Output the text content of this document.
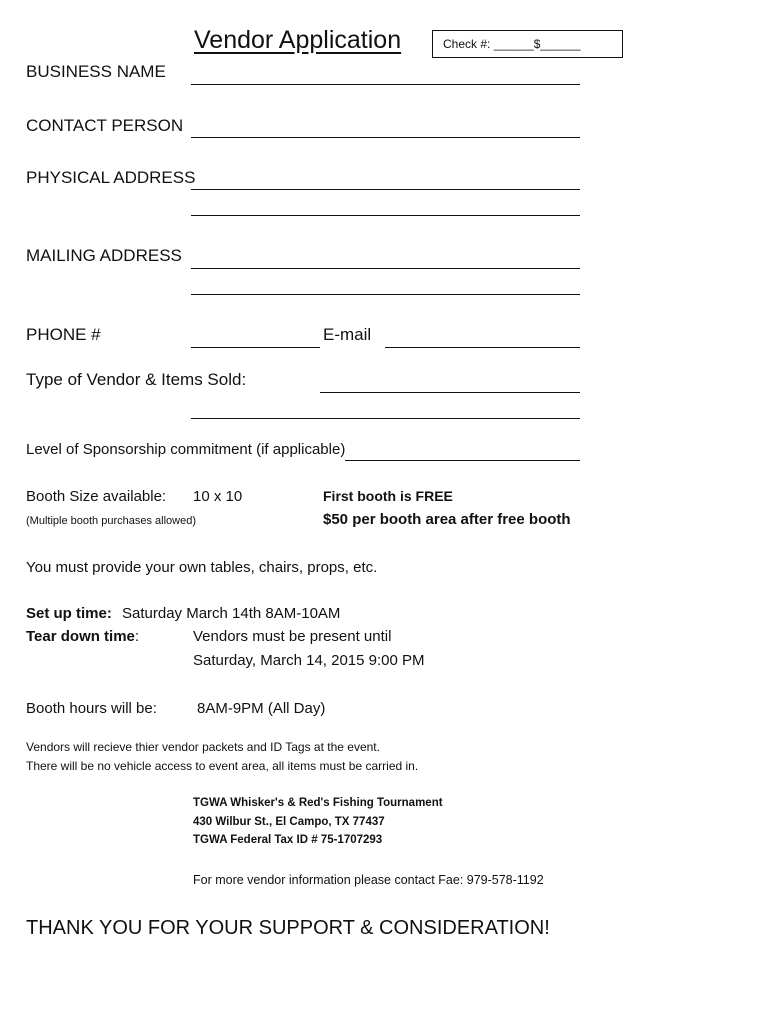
Vendor Application	Check #: ______$______
BUSINESS NAME
CONTACT PERSON
PHYSICAL ADDRESS
MAILING ADDRESS
PHONE #	E-mail
Type of Vendor & Items Sold:
Level of Sponsorship commitment (if applicable)
Booth Size available: 10 x 10	First booth is FREE
(Multiple booth purchases allowed)	$50 per booth area after free booth
You must provide your own tables, chairs, props, etc.
Set up time: Saturday March 14th 8AM-10AM
Tear down time:	Vendors must be present until
Saturday, March 14, 2015 9:00 PM
Booth hours will be:	8AM-9PM (All Day)
Vendors will recieve thier vendor packets and ID Tags at the event.
There will be no vehicle access to event area, all items must be carried in.
TGWA Whisker's & Red's Fishing Tournament
430 Wilbur St., El Campo, TX 77437
TGWA Federal Tax ID # 75-1707293
For more vendor information please contact Fae: 979-578-1192
THANK YOU FOR YOUR SUPPORT & CONSIDERATION!
